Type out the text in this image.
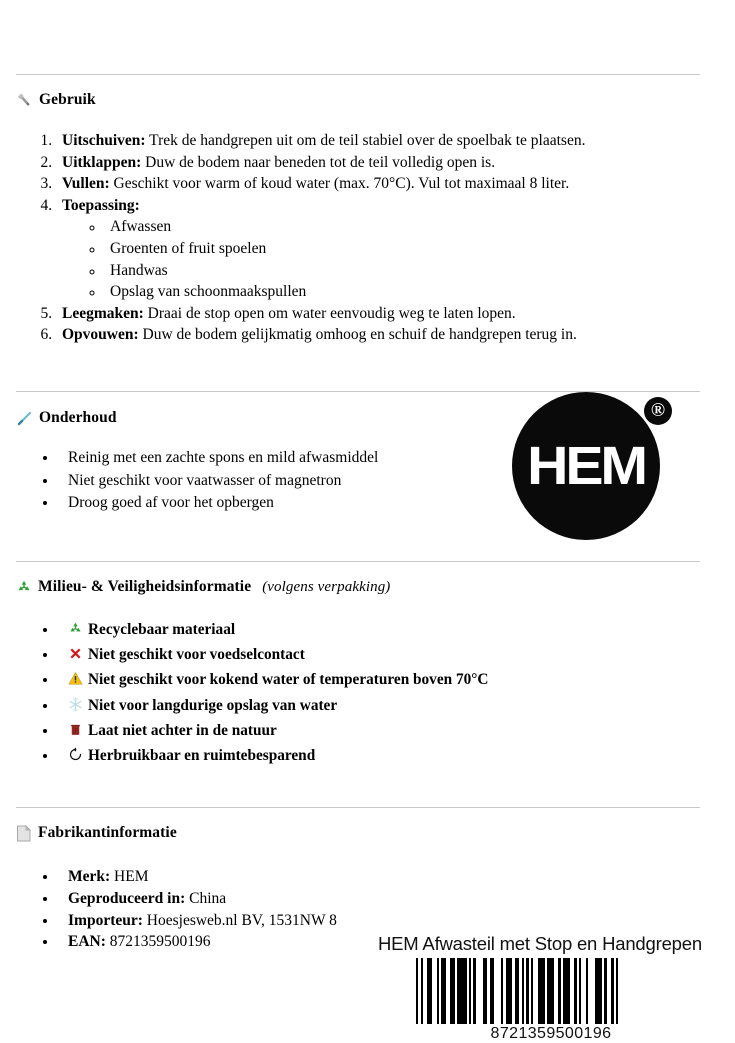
Gebruik
1. Uitschuiven: Trek de handgrepen uit om de teil stabiel over de spoelbak te plaatsen.
2. Uitklappen: Duw de bodem naar beneden tot de teil volledig open is.
3. Vullen: Geschikt voor warm of koud water (max. 70°C). Vul tot maximaal 8 liter.
4. Toepassing:
◦ Afwassen
◦ Groenten of fruit spoelen
◦ Handwas
◦ Opslag van schoonmaakspullen
5. Leegmaken: Draai de stop open om water eenvoudig weg te laten lopen.
6. Opvouwen: Duw de bodem gelijkmatig omhoog en schuif de handgrepen terug in.
Onderhoud
• Reinig met een zachte spons en mild afwasmiddel
• Niet geschikt voor vaatwasser of magnetron
• Droog goed af voor het opbergen
HEM
®
Milieu- & Veiligheidsinformatie (volgens verpakking)
• Recyclebaar materiaal
• Niet geschikt voor voedselcontact
• Niet geschikt voor kokend water of temperaturen boven 70°C
• Niet voor langdurige opslag van water
• Laat niet achter in de natuur
• Herbruikbaar en ruimtebesparend
Fabrikantinformatie
• Merk: HEM
• Geproduceerd in: China
• Importeur: Hoesjesweb.nl BV, 1531NW 8
• EAN: 8721359500196	HEM Afwasteil met Stop en Handgrepen
8721359500196
